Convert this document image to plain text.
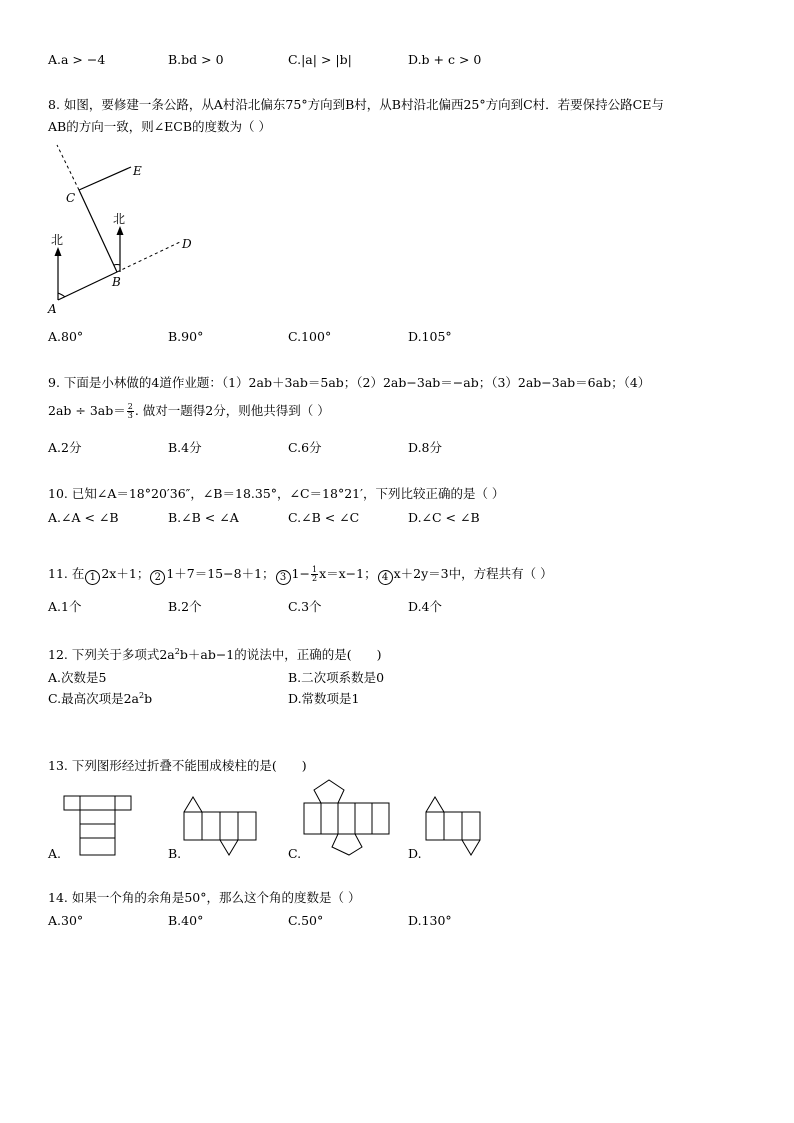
A.a > −4	B.bd > 0	C.|a| > |b|	D.b + c > 0
8. 如图，要修建一条公路，从A村沿北偏东75°方向到B村，从B村沿北偏西25°方向到C村．若要保持公路CE与
AB的方向一致，则∠ECB的度数为（ ）
北
北
E
C
D
B
A
A.80°	B.90°	C.100°	D.105°
9. 下面是小林做的4道作业题：（1）2ab＋3ab＝5ab；（2）2ab−3ab＝−ab；（3）2ab−3ab＝6ab；（4）
$2ab \div 3ab= \frac{2}{3}$ . 做对一题得2分，则他共得到（ ）
A.2分	B.4分	C.6分	D.8分
10. 已知∠A＝18°20′36″，∠B＝18.35°，∠C＝18°21′，下列比较正确的是（ ）
A.∠A < ∠B	B.∠B < ∠A	C.∠B < ∠C	D.∠C < ∠B
11. 在 1 2x＋1； 2 1＋7＝15−8＋1； 3 $1- \frac{1}{2} x=x-1$； 4 x＋2y＝3中，方程共有（ ）
A.1个	B.2个	C.3个	D.4个
12. 下列关于多项式$2a^2b+ab-1$的说法中，正确的是(　　)
A.次数是5	B.二次项系数是0
C.最高次项是$2a^2b$	D.常数项是1
13. 下列图形经过折叠不能围成棱柱的是(　　)
A.	B.	C.	D.
14. 如果一个角的余角是50°，那么这个角的度数是（ ）
A.30°	B.40°	C.50°	D.130°
